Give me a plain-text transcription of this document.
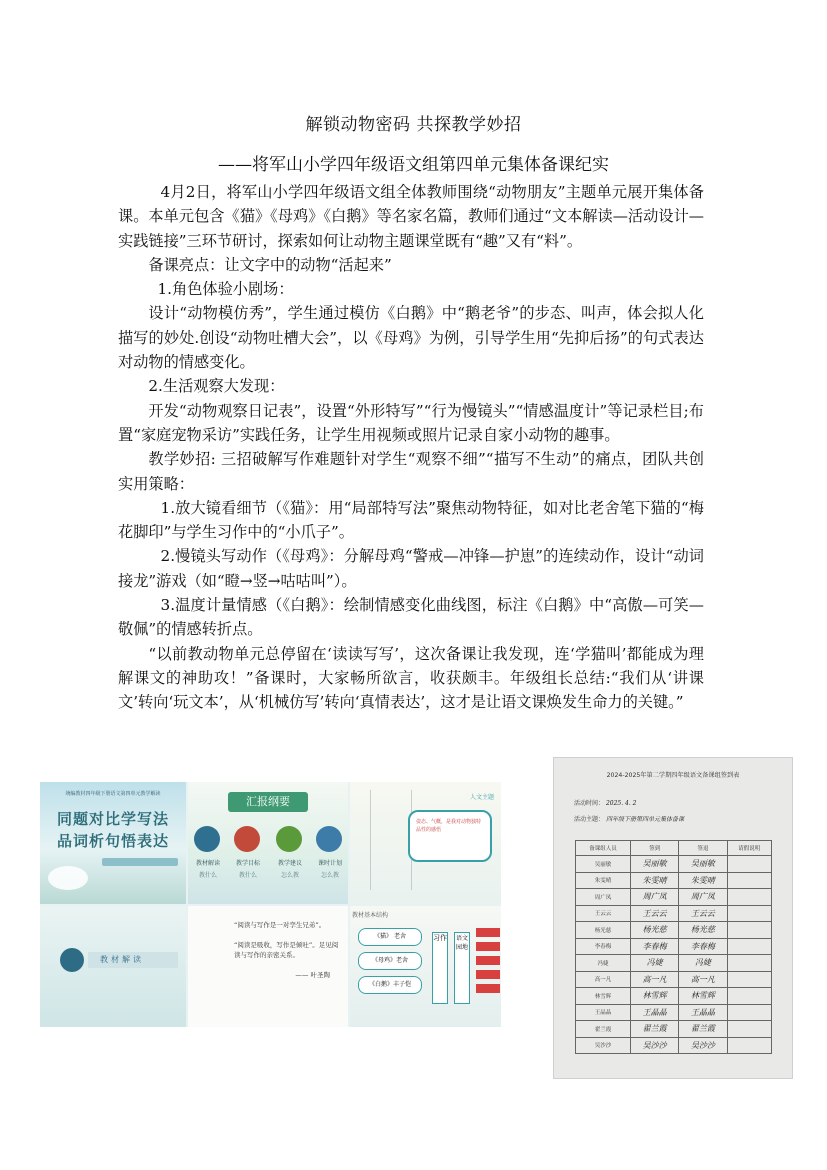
解锁动物密码 共探教学妙招
——将军山小学四年级语文组第四单元集体备课纪实

4月2日，将军山小学四年级语文组全体教师围绕“动物朋友”主题单元展开集体备课。本单元包含《猫》《母鸡》《白鹅》等名家名篇，教师们通过“文本解读—活动设计—实践链接”三环节研讨，探索如何让动物主题课堂既有“趣”又有“料”。

备课亮点：让文字中的动物“活起来”

1.角色体验小剧场：

设计“动物模仿秀”，学生通过模仿《白鹅》中“鹅老爷”的步态、叫声，体会拟人化描写的妙处.创设“动物吐槽大会”，以《母鸡》为例，引导学生用“先抑后扬”的句式表达对动物的情感变化。

2.生活观察大发现：

开发“动物观察日记表”，设置“外形特写”“行为慢镜头”“情感温度计”等记录栏目;布置“家庭宠物采访”实践任务，让学生用视频或照片记录自家小动物的趣事。

教学妙招: 三招破解写作难题针对学生“观察不细”“描写不生动”的痛点，团队共创实用策略：

1.放大镜看细节（《猫》：用“局部特写法”聚焦动物特征，如对比老舍笔下猫的“梅花脚印”与学生习作中的“小爪子”。

2.慢镜头写动作（《母鸡》：分解母鸡“警戒—冲锋—护崽”的连续动作，设计“动词接龙”游戏（如“瞪→竖→咕咕叫”）。

3.温度计量情感（《白鹅》：绘制情感变化曲线图，标注《白鹅》中“高傲—可笑—敬佩”的情感转折点。

“以前教动物单元总停留在‘读读写写’，这次备课让我发现，连‘学猫叫’都能成为理解课文的神助攻！”备课时，大家畅所欲言，收获颇丰。年级组长总结:“我们从‘讲课文’转向‘玩文本’，从‘机械仿写’转向‘真情表达’，这才是让语文课焕发生命力的关键。”

统编教材四年级下册语文第四单元教学解读
同题对比学写法
品词析句悟表达
汇报纲要
教材解读	教学目标	教学建议	课时计划
教什么	教什么	怎么教	怎么教
人文主题
姿态、气概，是我对动物独特品性的感悟
教材解读
“阅读与写作是一对孪生兄弟”。
“阅读是吸收，写作是倾吐”。足见阅读与写作的亲密关系。
—— 叶圣陶
教材基本结构
《猫》 老舍
《母鸡》老舍
《白鹅》丰子恺
习作	语文园地
2024-2025年第二学期四年级语文备课组签到表
活动时间： 2025. 4. 2
活动主题： 四年级下册第四单元集体备课
备课组人员	签到	签退	请假说明
吴丽敏	吴丽敏	吴丽敏	
朱雯晴	朱雯晴	朱雯晴	
周广凤	周广凤	周广凤	
王云云	王云云	王云云	
杨光慈	杨光慈	杨光慈	
李春梅	李春梅	李春梅	
冯婕	冯婕	冯婕	
高一凡	高一凡	高一凡	
林雪辉	林雪辉	林雪辉	
王晶晶	王晶晶	王晶晶	
翟兰霞	翟兰霞	翟兰霞	
吴沙沙	吴沙沙	吴沙沙	
